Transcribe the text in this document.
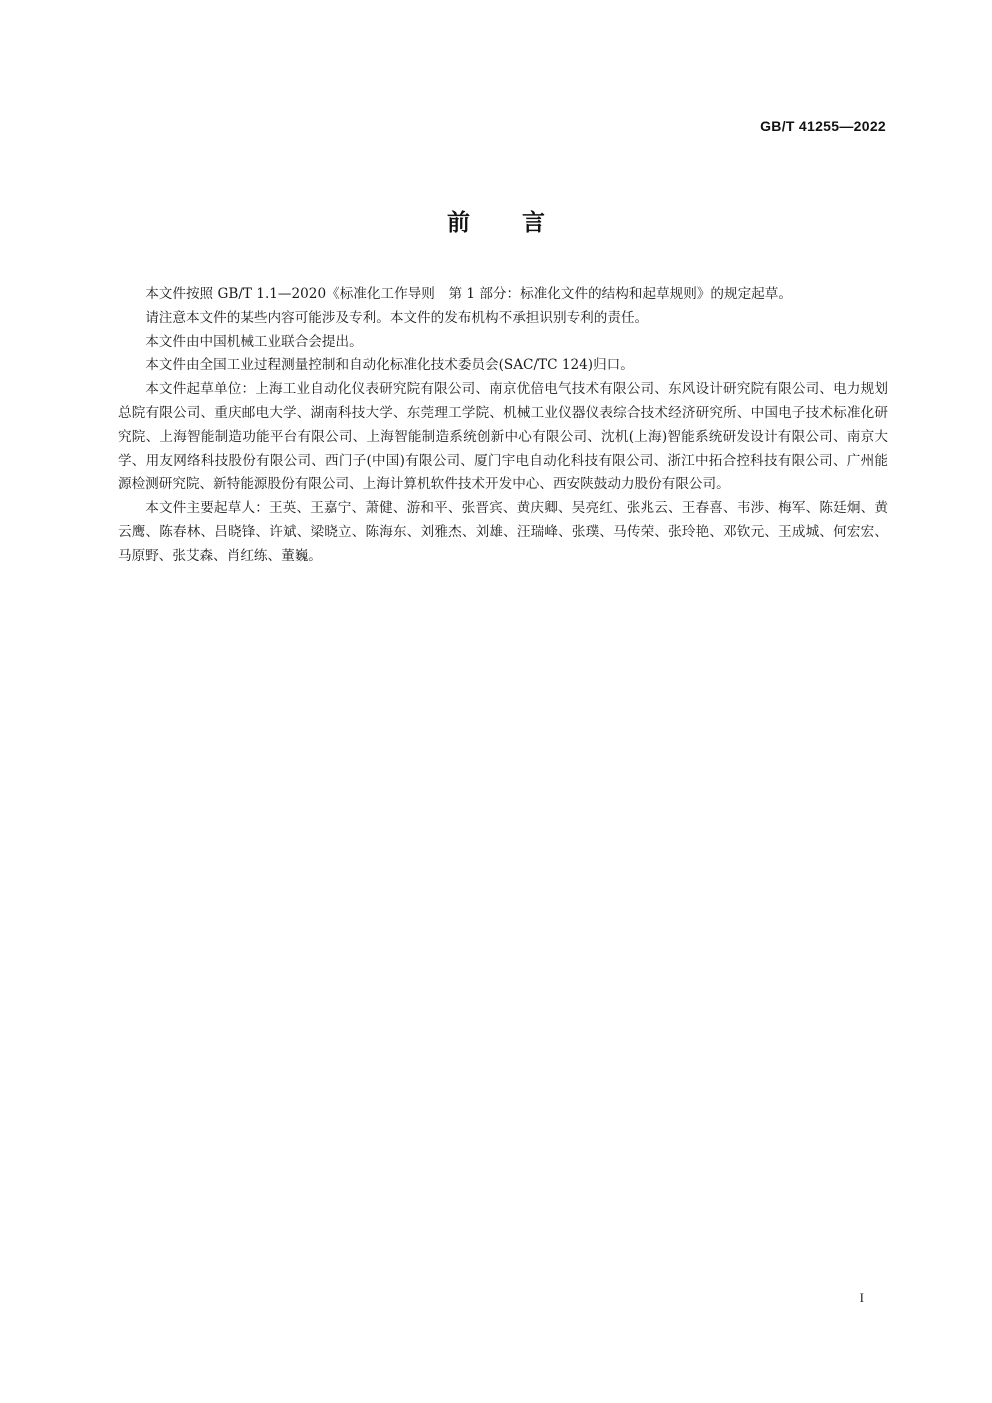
GB/T 41255—2022
前 言

本文件按照 GB/T 1.1—2020《标准化工作导则　第 1 部分：标准化文件的结构和起草规则》的规定起草。

请注意本文件的某些内容可能涉及专利。本文件的发布机构不承担识别专利的责任。

本文件由中国机械工业联合会提出。

本文件由全国工业过程测量控制和自动化标准化技术委员会(SAC/TC 124)归口。

本文件起草单位：上海工业自动化仪表研究院有限公司、南京优倍电气技术有限公司、东风设计研究院有限公司、电力规划总院有限公司、重庆邮电大学、湖南科技大学、东莞理工学院、机械工业仪器仪表综合技术经济研究所、中国电子技术标准化研究院、上海智能制造功能平台有限公司、上海智能制造系统创新中心有限公司、沈机(上海)智能系统研发设计有限公司、南京大学、用友网络科技股份有限公司、西门子(中国)有限公司、厦门宇电自动化科技有限公司、浙江中拓合控科技有限公司、广州能源检测研究院、新特能源股份有限公司、上海计算机软件技术开发中心、西安陕鼓动力股份有限公司。

本文件主要起草人：王英、王嘉宁、萧健、游和平、张晋宾、黄庆卿、吴亮红、张兆云、王春喜、韦涉、梅军、陈廷炯、黄云鹰、陈春林、吕晓锋、许斌、梁晓立、陈海东、刘雅杰、刘雄、汪瑞峰、张璞、马传荣、张玲艳、邓钦元、王成城、何宏宏、马原野、张艾森、肖红练、董巍。

I
